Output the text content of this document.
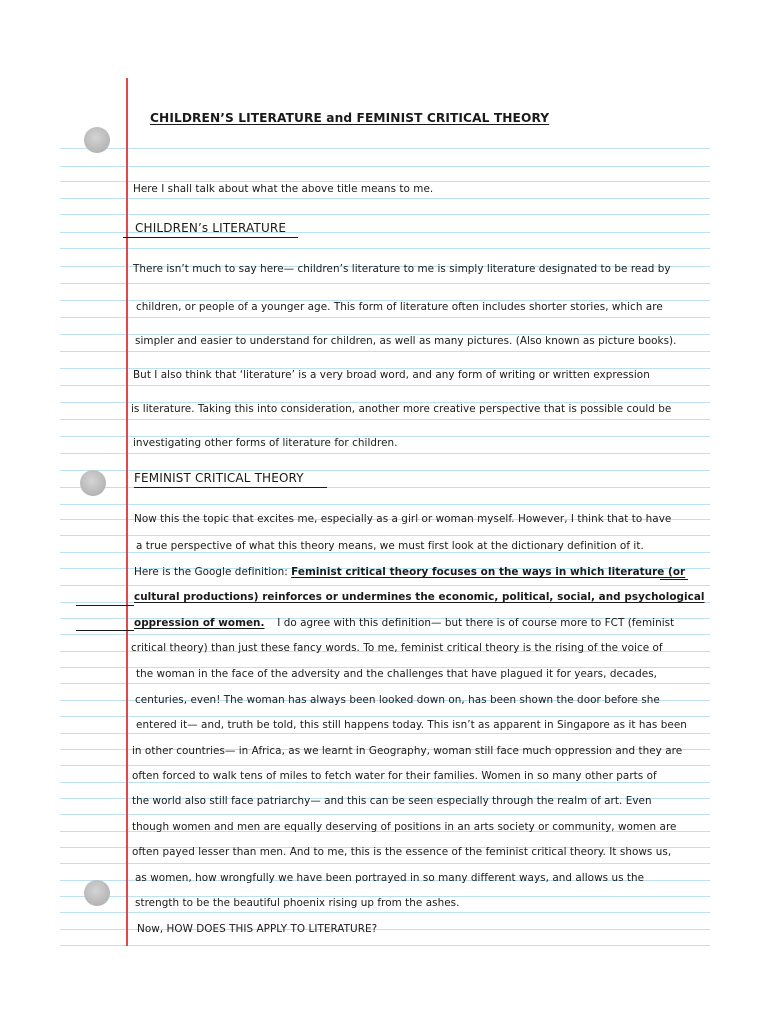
CHILDREN’S LITERATURE and FEMINIST CRITICAL THEORY
Here I shall talk about what the above title means to me.
CHILDREN’s LITERATURE
There isn’t much to say here— children’s literature to me is simply literature designated to be read by
children, or people of a younger age. This form of literature often includes shorter stories, which are
simpler and easier to understand for children, as well as many pictures. (Also known as picture books).
But I also think that ‘literature’ is a very broad word, and any form of writing or written expression
is literature. Taking this into consideration, another more creative perspective that is possible could be
investigating other forms of literature for children.
FEMINIST CRITICAL THEORY
Now this the topic that excites me, especially as a girl or woman myself. However, I think that to have
a true perspective of what this theory means, we must first look at the dictionary definition of it.
Here is the Google definition: Feminist critical theory focuses on the ways in which literature (or
cultural productions) reinforces or undermines the economic, political, social, and psychological
oppression of women. I do agree with this definition— but there is of course more to FCT (feminist
critical theory) than just these fancy words. To me, feminist critical theory is the rising of the voice of
the woman in the face of the adversity and the challenges that have plagued it for years, decades,
centuries, even! The woman has always been looked down on, has been shown the door before she
entered it— and, truth be told, this still happens today. This isn’t as apparent in Singapore as it has been
in other countries— in Africa, as we learnt in Geography, woman still face much oppression and they are
often forced to walk tens of miles to fetch water for their families. Women in so many other parts of
the world also still face patriarchy— and this can be seen especially through the realm of art. Even
though women and men are equally deserving of positions in an arts society or community, women are
often payed lesser than men. And to me, this is the essence of the feminist critical theory. It shows us,
as women, how wrongfully we have been portrayed in so many different ways, and allows us the
strength to be the beautiful phoenix rising up from the ashes.
Now, HOW DOES THIS APPLY TO LITERATURE?
